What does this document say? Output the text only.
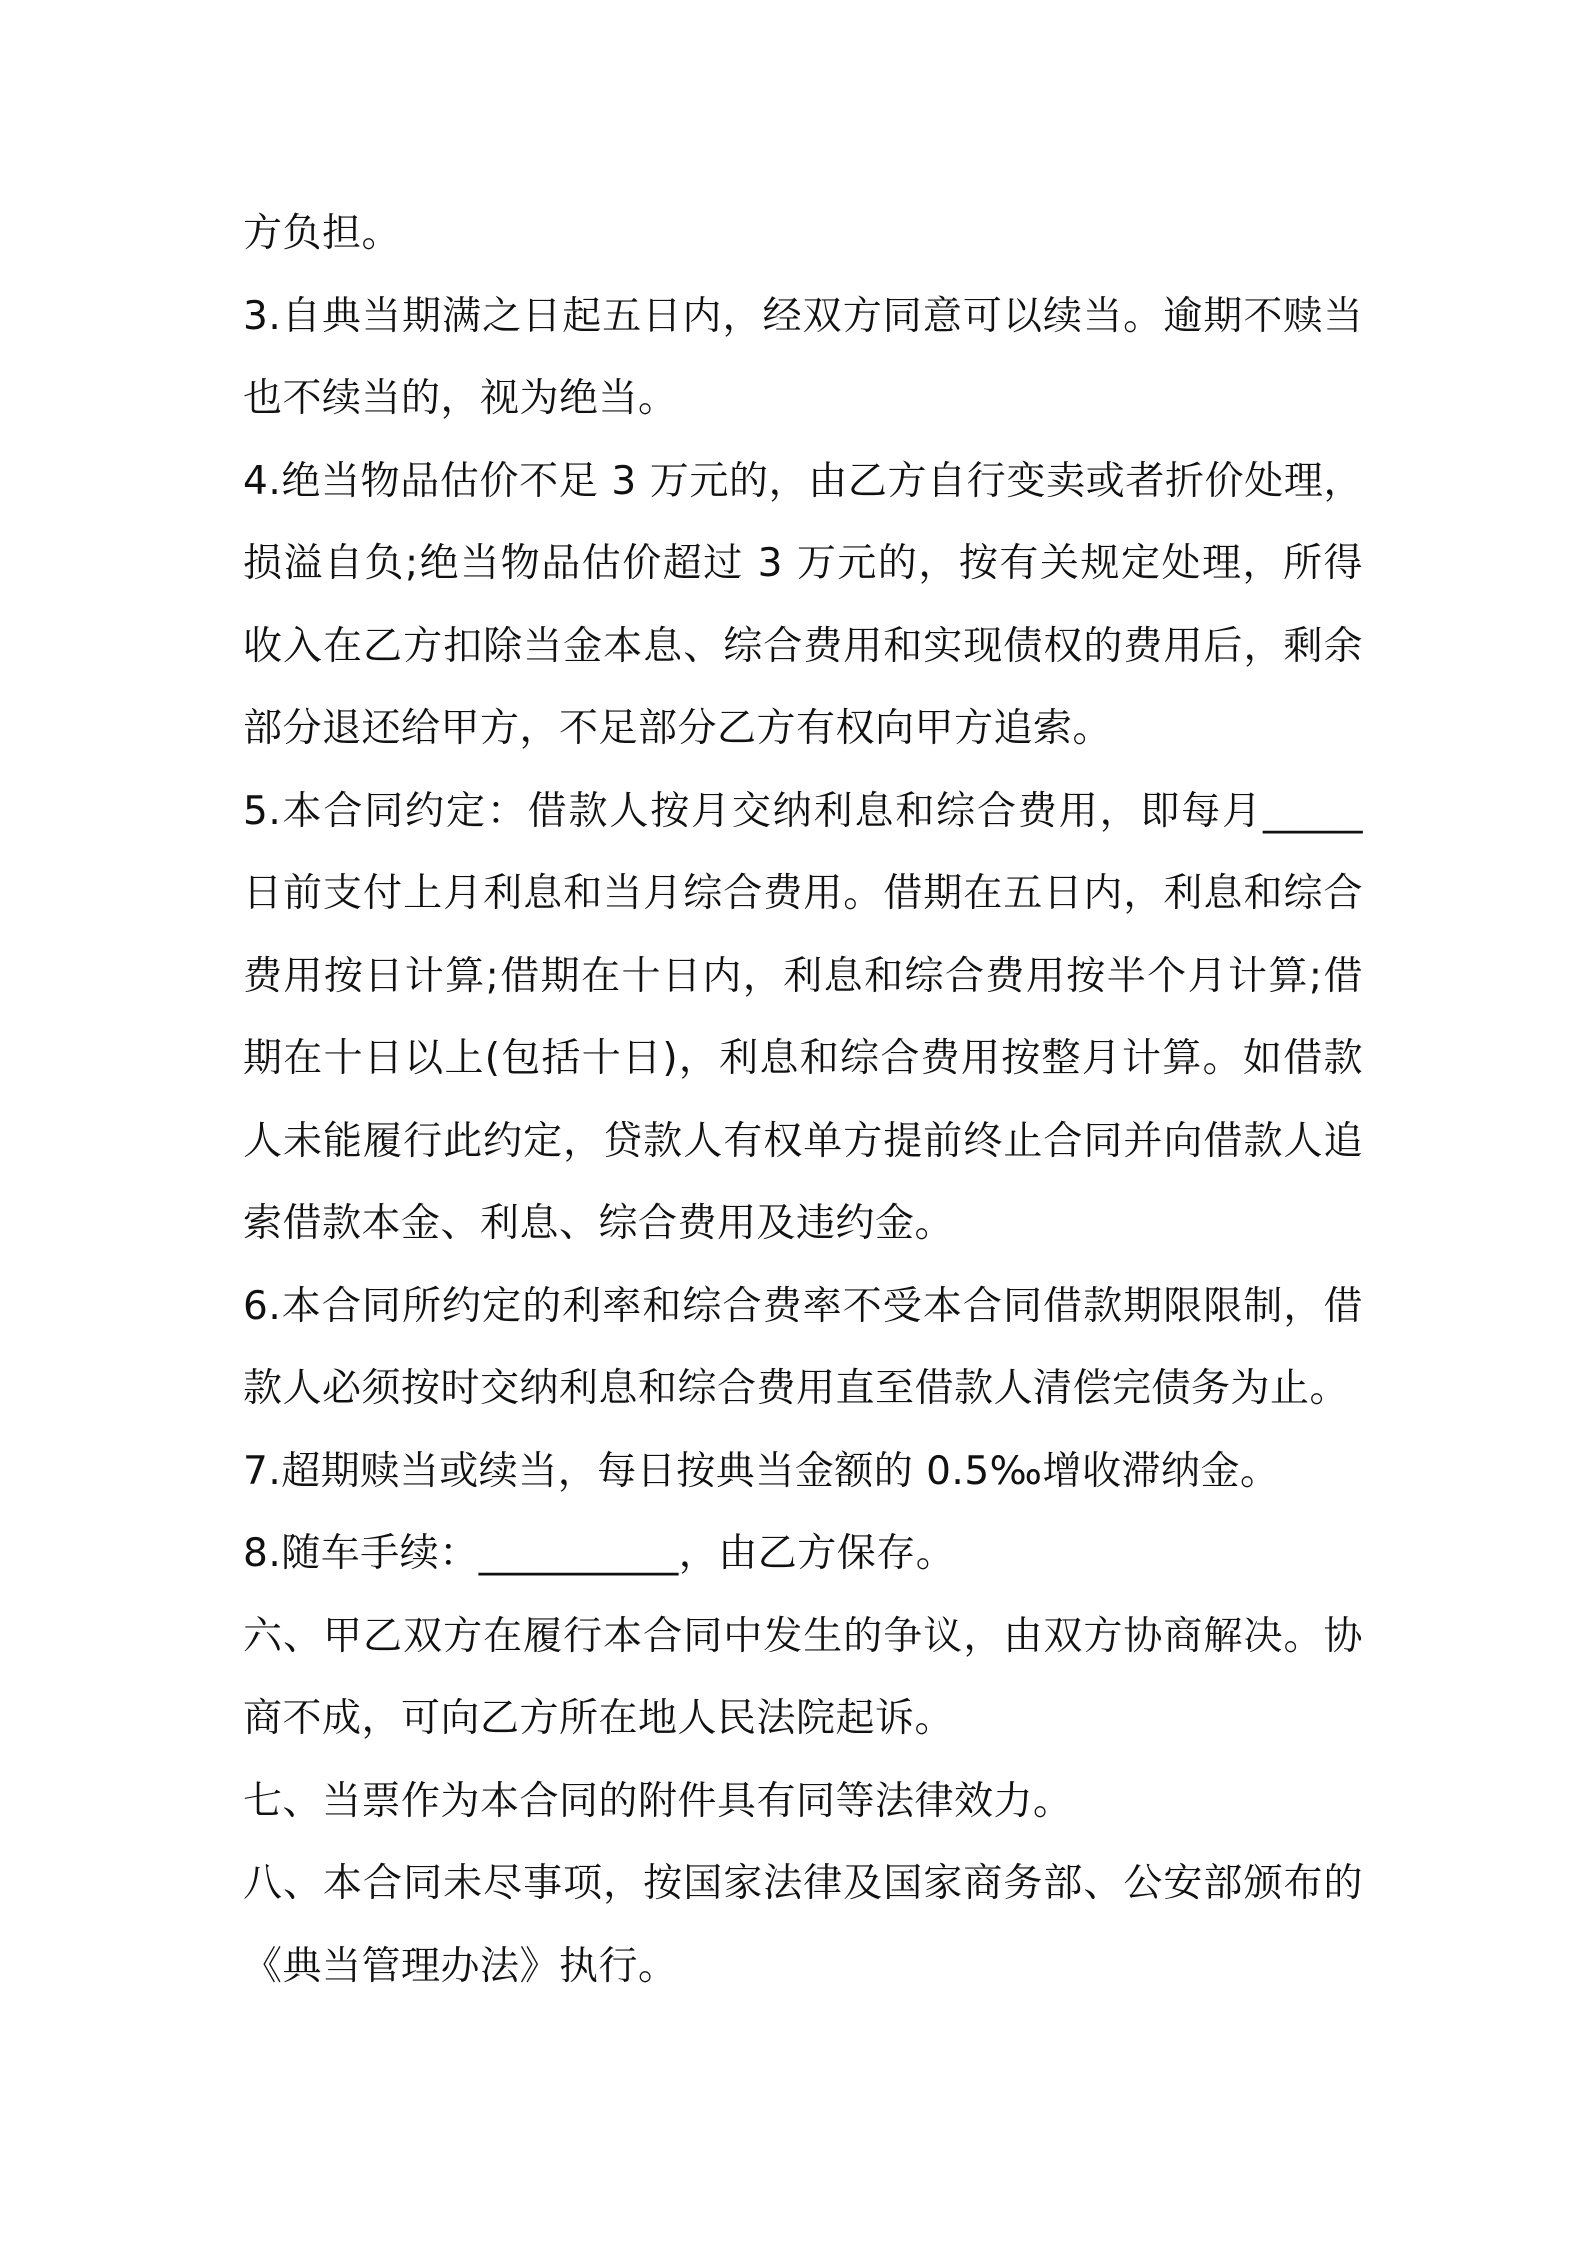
方负担。

3.自典当期满之日起五日内，经双方同意可以续当。逾期不赎当也不续当的，视为绝当。

4.绝当物品估价不足 3 万元的，由乙方自行变卖或者折价处理，损溢自负;绝当物品估价超过 3 万元的，按有关规定处理，所得收入在乙方扣除当金本息、综合费用和实现债权的费用后，剩余部分退还给甲方，不足部分乙方有权向甲方追索。

5.本合同约定：借款人按月交纳利息和综合费用，即每月_____日前支付上月利息和当月综合费用。借期在五日内，利息和综合费用按日计算;借期在十日内，利息和综合费用按半个月计算;借期在十日以上(包括十日)，利息和综合费用按整月计算。如借款人未能履行此约定，贷款人有权单方提前终止合同并向借款人追索借款本金、利息、综合费用及违约金。

6.本合同所约定的利率和综合费率不受本合同借款期限限制，借款人必须按时交纳利息和综合费用直至借款人清偿完债务为止。

7.超期赎当或续当，每日按典当金额的 0.5‰增收滞纳金。

8.随车手续：__________，由乙方保存。

六、甲乙双方在履行本合同中发生的争议，由双方协商解决。协商不成，可向乙方所在地人民法院起诉。

七、当票作为本合同的附件具有同等法律效力。

八、本合同未尽事项，按国家法律及国家商务部、公安部颁布的《典当管理办法》执行。
